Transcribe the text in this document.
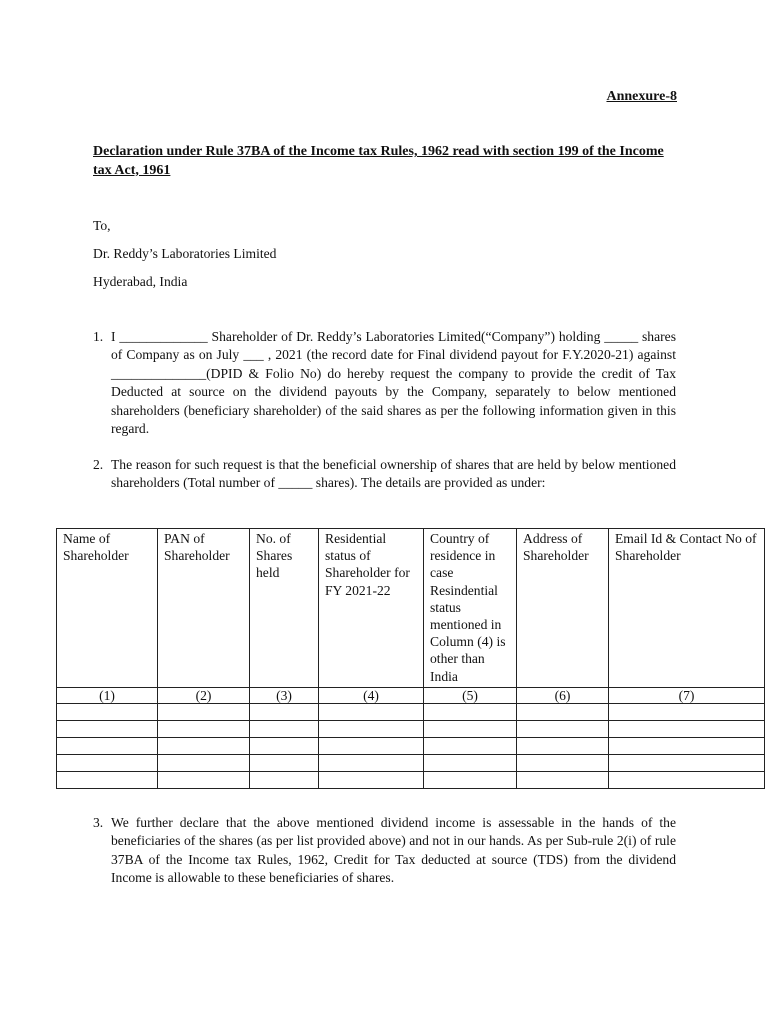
Annexure-8
Declaration under Rule 37BA of the Income tax Rules, 1962 read with section 199 of the Income tax Act, 1961
To,
Dr. Reddy’s Laboratories Limited
Hyderabad, India
1. I _____________ Shareholder of Dr. Reddy’s Laboratories Limited(“Company”) holding _____ shares of Company as on July ___ , 2021 (the record date for Final dividend payout for F.Y.2020-21) against ______________(DPID & Folio No) do hereby request the company to provide the credit of Tax Deducted at source on the dividend payouts by the Company, separately to below mentioned shareholders (beneficiary shareholder) of the said shares as per the following information given in this regard.
2. The reason for such request is that the beneficial ownership of shares that are held by below mentioned shareholders (Total number of _____ shares). The details are provided as under:
Name of Shareholder	PAN of Shareholder	No. of Shares held	Residential status of Shareholder for FY 2021-22	Country of residence in case Resindential status mentioned in Column (4) is other than India	Address of Shareholder	Email Id & Contact No of Shareholder
(1)	(2)	(3)	(4)	(5)	(6)	(7)

3. We further declare that the above mentioned dividend income is assessable in the hands of the beneficiaries of the shares (as per list provided above) and not in our hands. As per Sub-rule 2(i) of rule 37BA of the Income tax Rules, 1962, Credit for Tax deducted at source (TDS) from the dividend Income is allowable to these beneficiaries of shares.
